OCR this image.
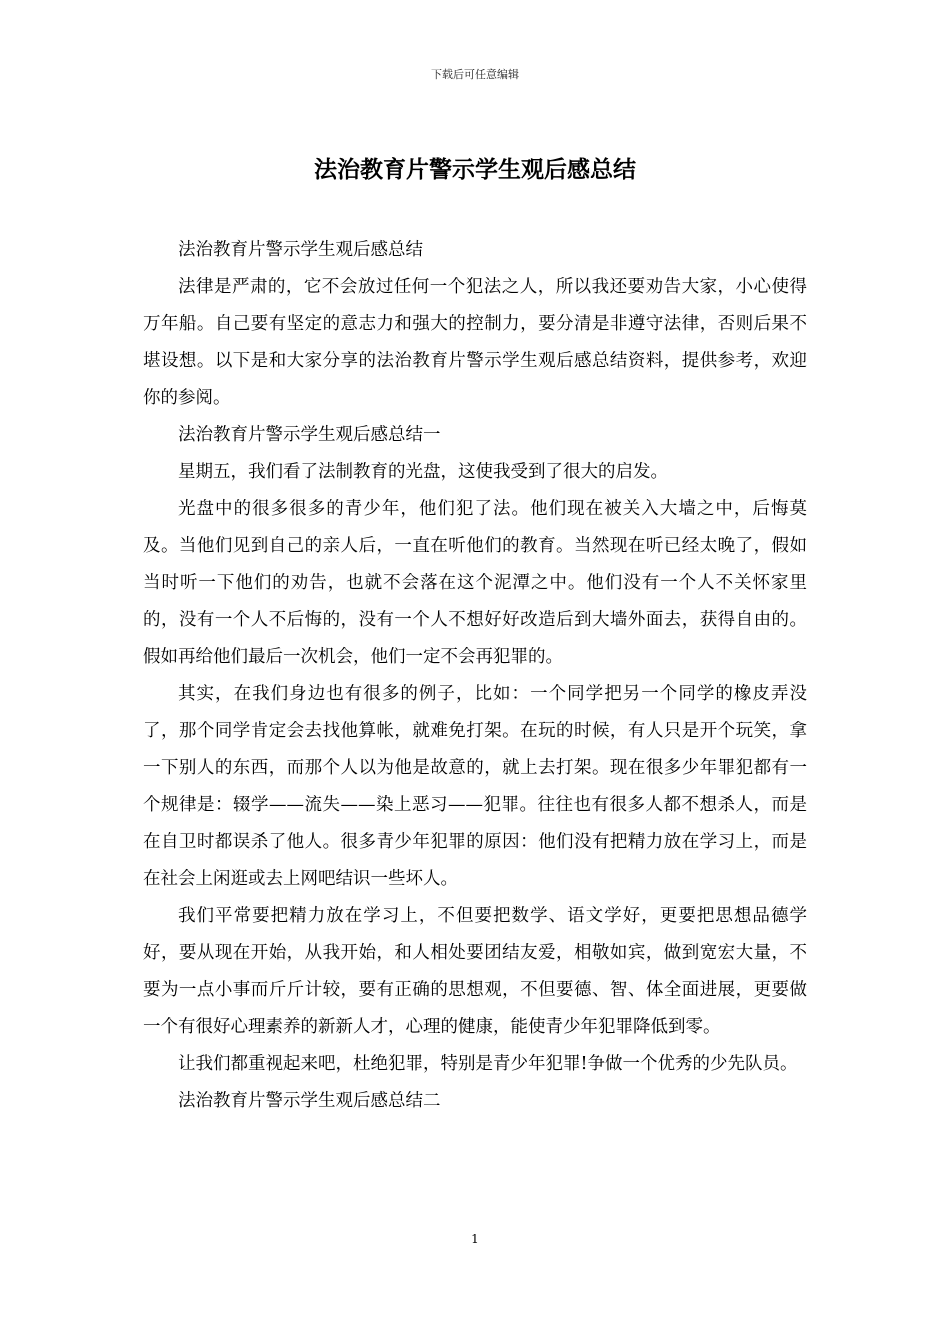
下载后可任意编辑
法治教育片警示学生观后感总结

法治教育片警示学生观后感总结

法律是严肃的，它不会放过任何一个犯法之人，所以我还要劝告大家，小心使得万年船。自己要有坚定的意志力和强大的控制力，要分清是非遵守法律，否则后果不堪设想。以下是和大家分享的法治教育片警示学生观后感总结资料，提供参考，欢迎你的参阅。

法治教育片警示学生观后感总结一

星期五，我们看了法制教育的光盘，这使我受到了很大的启发。

光盘中的很多很多的青少年，他们犯了法。他们现在被关入大墙之中，后悔莫及。当他们见到自己的亲人后，一直在听他们的教育。当然现在听已经太晚了，假如当时听一下他们的劝告，也就不会落在这个泥潭之中。他们没有一个人不关怀家里的，没有一个人不后悔的，没有一个人不想好好改造后到大墙外面去，获得自由的。假如再给他们最后一次机会，他们一定不会再犯罪的。

其实，在我们身边也有很多的例子，比如：一个同学把另一个同学的橡皮弄没了，那个同学肯定会去找他算帐，就难免打架。在玩的时候，有人只是开个玩笑，拿一下别人的东西，而那个人以为他是故意的，就上去打架。现在很多少年罪犯都有一个规律是：辍学——流失——染上恶习——犯罪。往往也有很多人都不想杀人，而是在自卫时都误杀了他人。很多青少年犯罪的原因：他们没有把精力放在学习上，而是在社会上闲逛或去上网吧结识一些坏人。

我们平常要把精力放在学习上，不但要把数学、语文学好，更要把思想品德学好，要从现在开始，从我开始，和人相处要团结友爱，相敬如宾，做到宽宏大量，不要为一点小事而斤斤计较，要有正确的思想观，不但要德、智、体全面进展，更要做一个有很好心理素养的新新人才，心理的健康，能使青少年犯罪降低到零。

让我们都重视起来吧，杜绝犯罪，特别是青少年犯罪!争做一个优秀的少先队员。

法治教育片警示学生观后感总结二

1
